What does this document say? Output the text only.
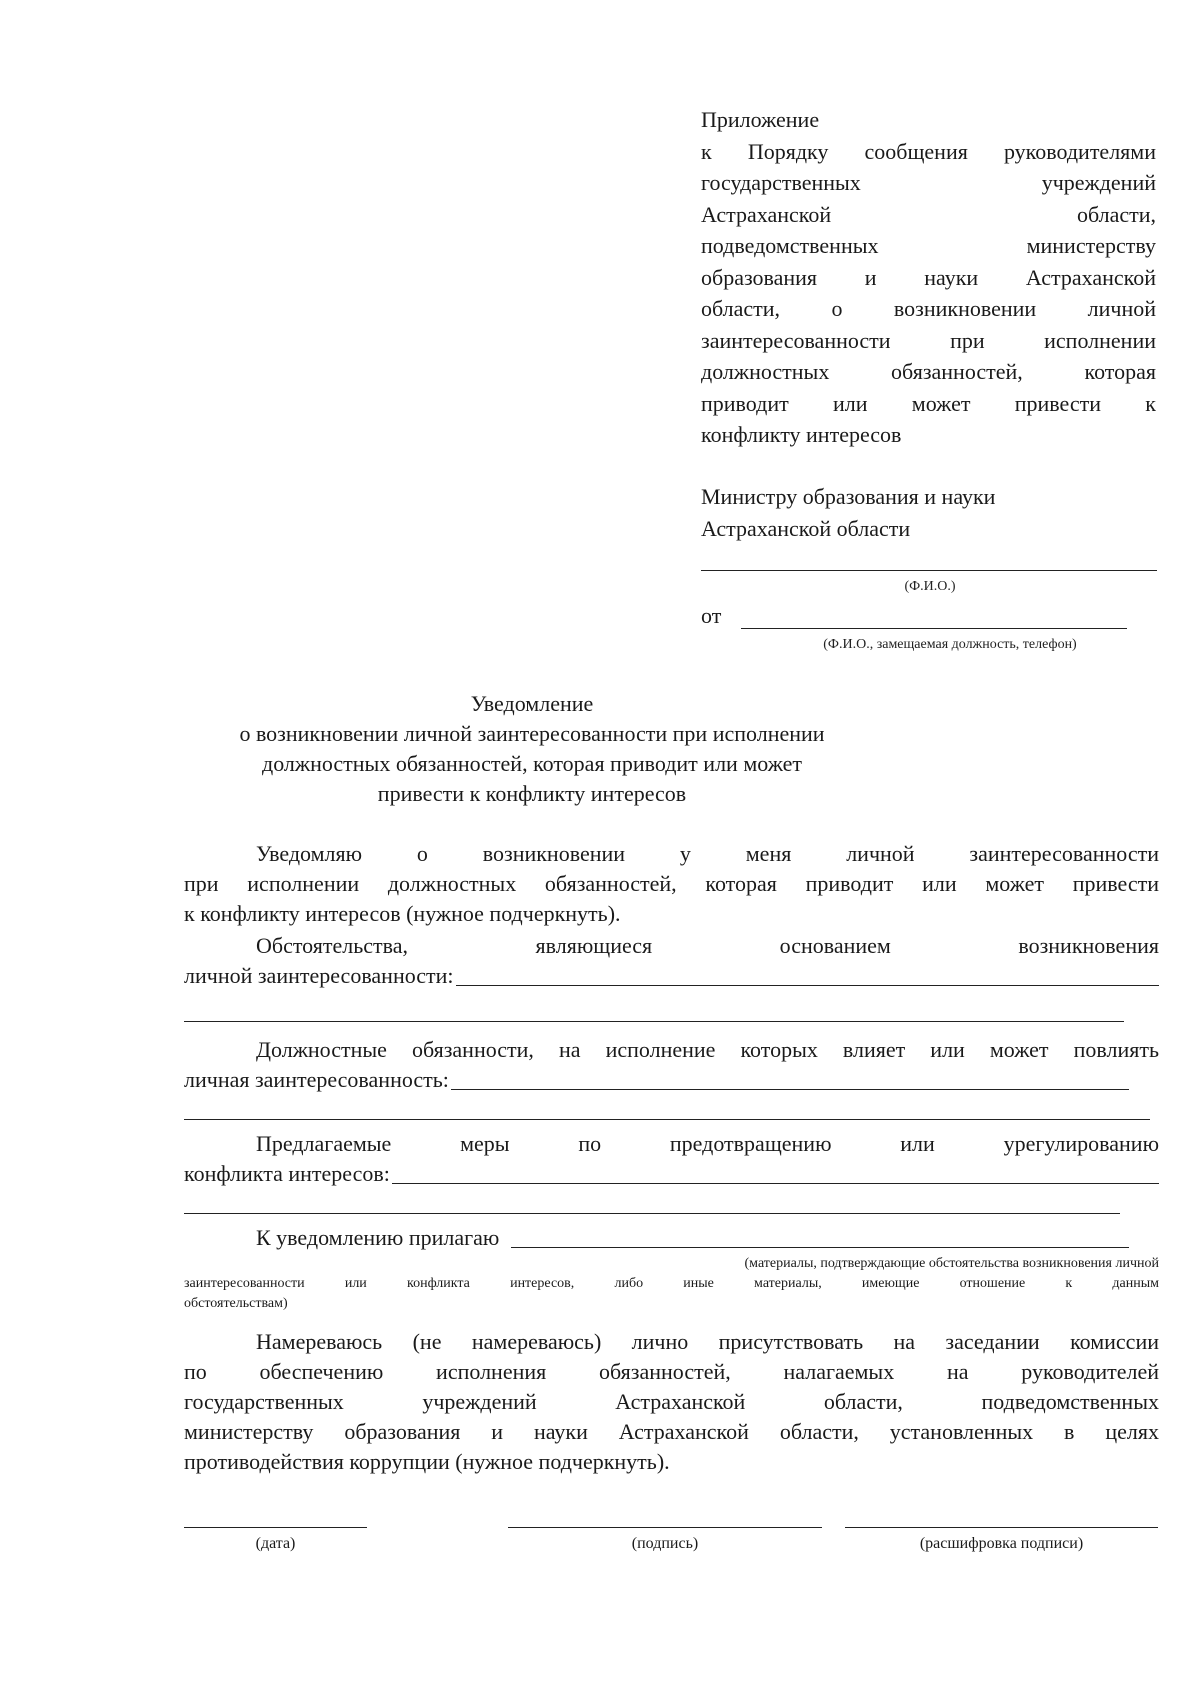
Приложение
к Порядку сообщения руководителями
государственных учреждений
Астраханской области,
подведомственных министерству
образования и науки Астраханской
области, о возникновении личной
заинтересованности при исполнении
должностных обязанностей, которая
приводит или может привести к
конфликту интересов
Министру образования и науки
Астраханской области
(Ф.И.О.)
от
(Ф.И.О., замещаемая должность, телефон)
Уведомление
о возникновении личной заинтересованности при исполнении
должностных обязанностей, которая приводит или может
привести к конфликту интересов
Уведомляю о возникновении у меня личной заинтересованности
при исполнении должностных обязанностей, которая приводит или может привести
к конфликту интересов (нужное подчеркнуть).
Обстоятельства, являющиеся основанием возникновения
личной заинтересованности:
Должностные обязанности, на исполнение которых влияет или может повлиять
личная заинтересованность:
Предлагаемые меры по предотвращению или урегулированию
конфликта интересов:
К уведомлению прилагаю
(материалы, подтверждающие обстоятельства возникновения личной
заинтересованности или конфликта интересов, либо иные материалы, имеющие отношение к данным
обстоятельствам)
Намереваюсь (не намереваюсь) лично присутствовать на заседании комиссии
по обеспечению исполнения обязанностей, налагаемых на руководителей
государственных учреждений Астраханской области, подведомственных
министерству образования и науки Астраханской области, установленных в целях
противодействия коррупции (нужное подчеркнуть).
(дата)	(подпись)	(расшифровка подписи)
